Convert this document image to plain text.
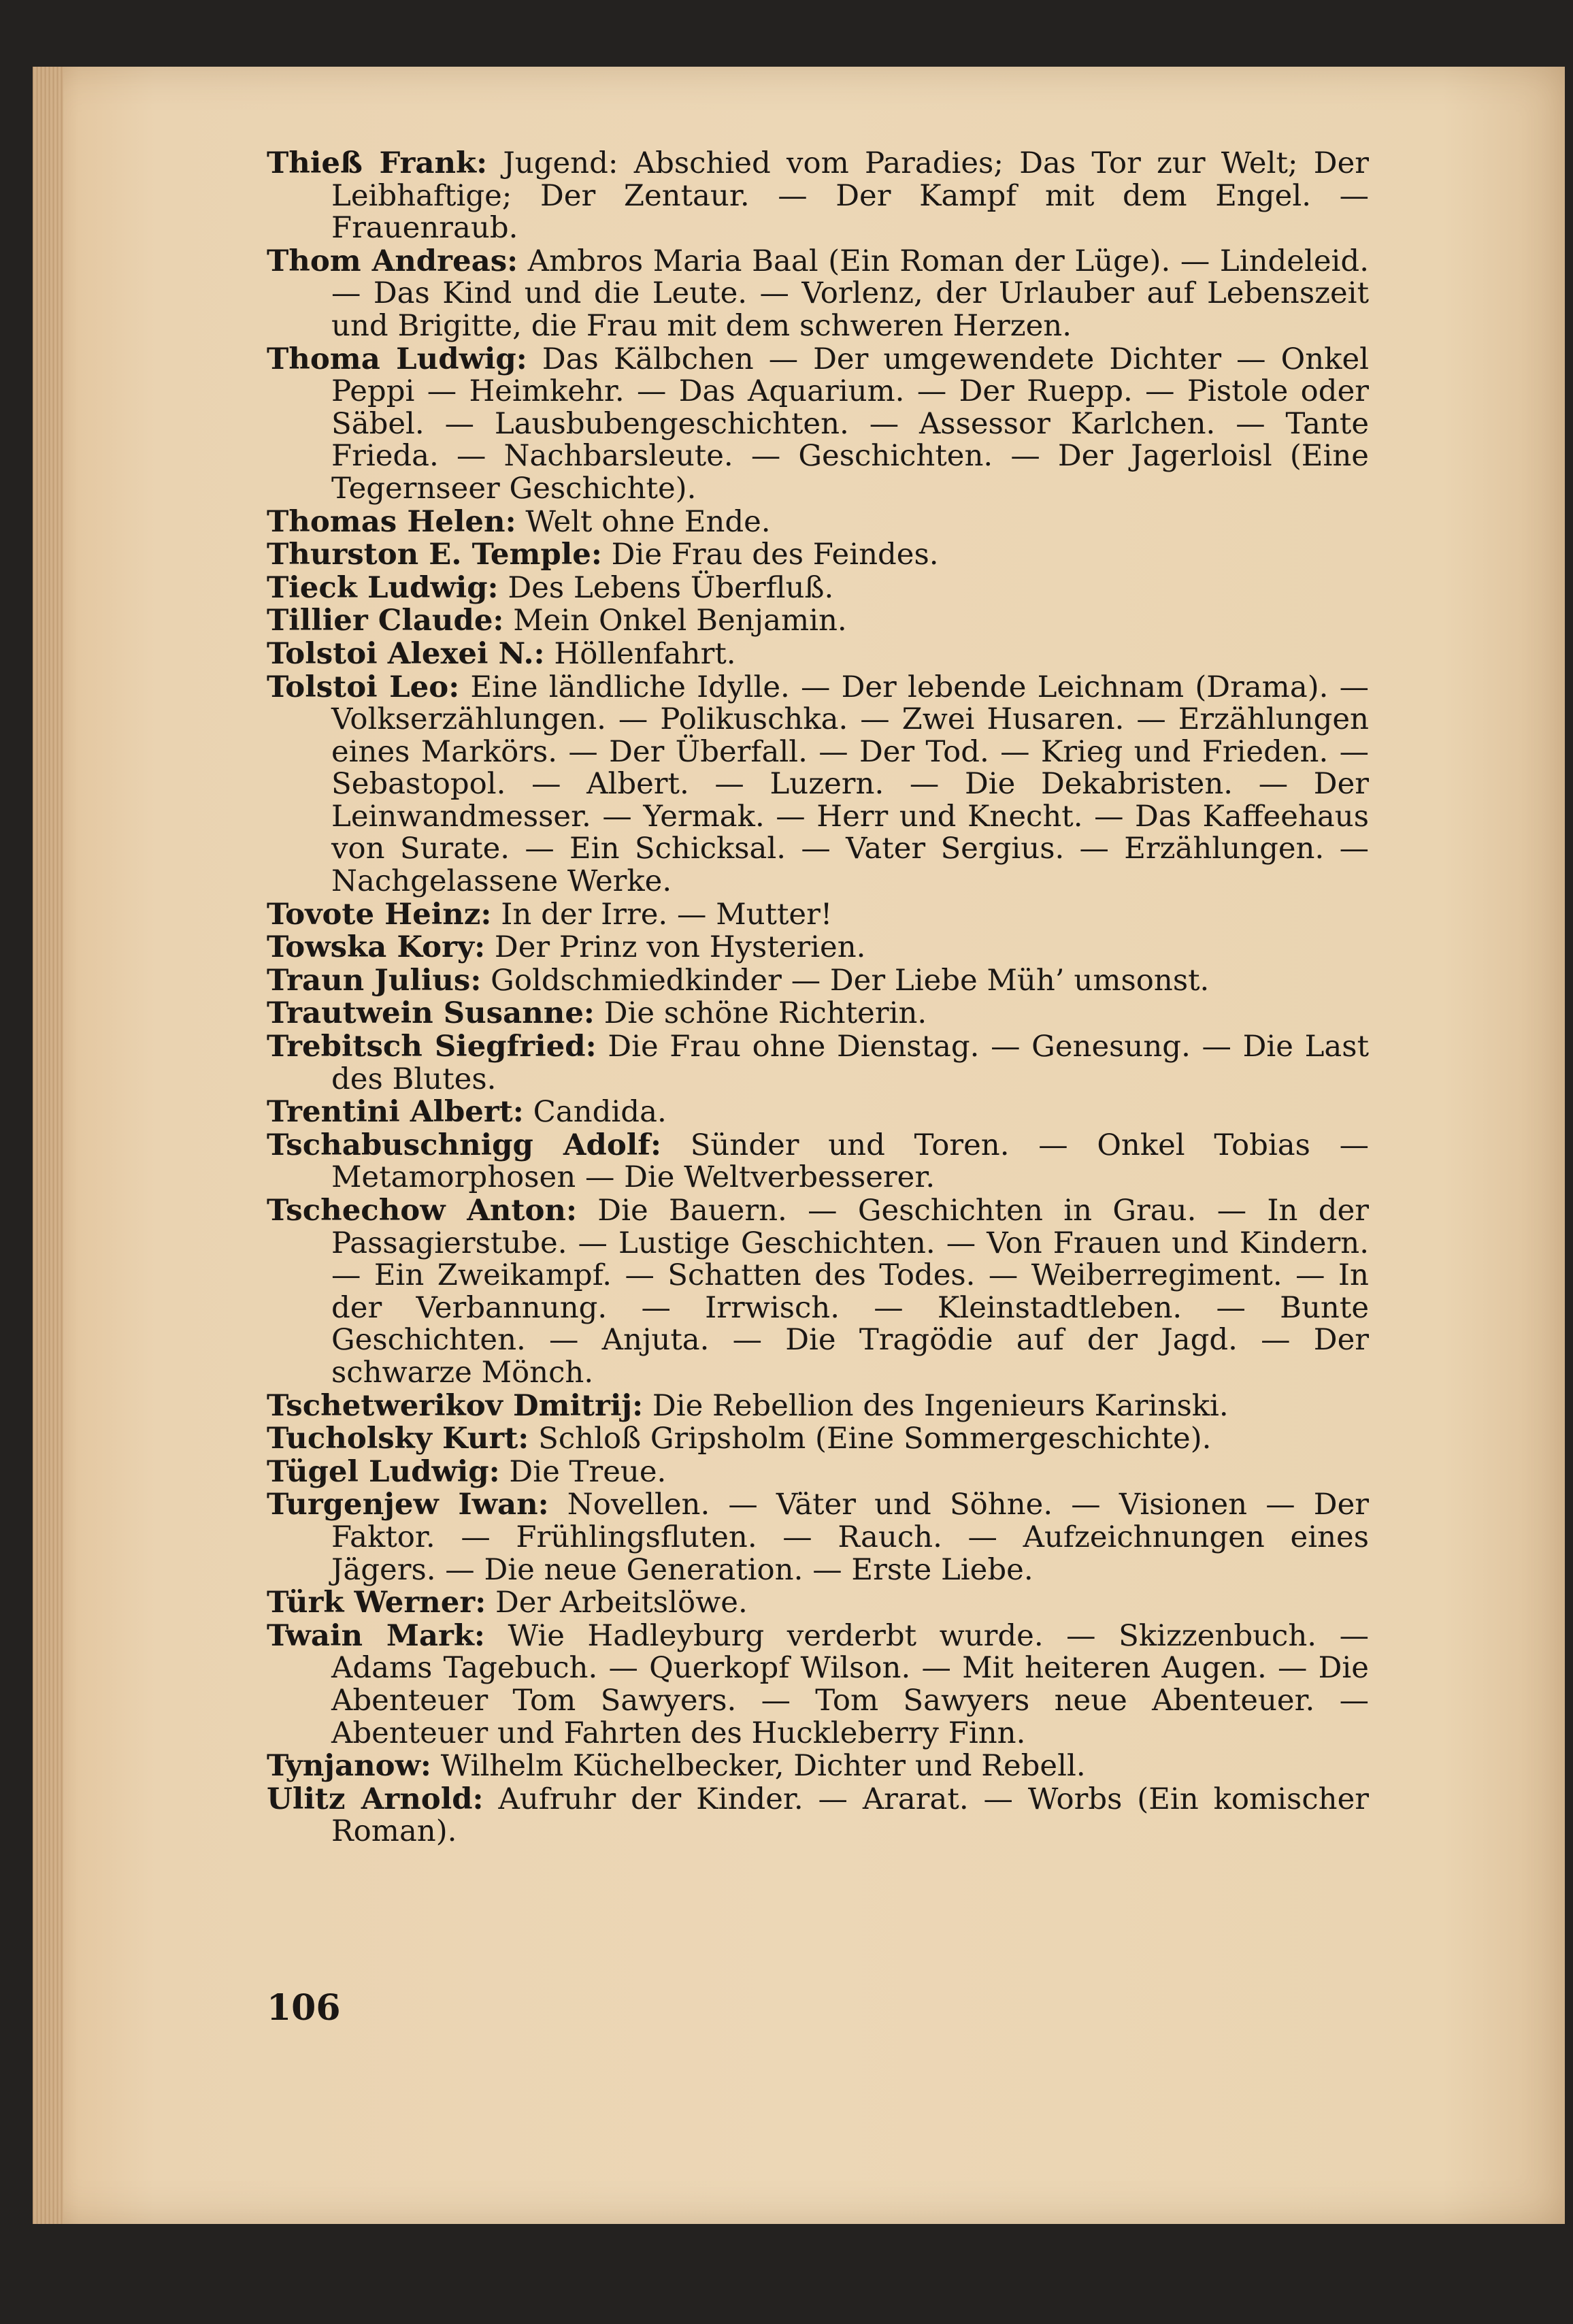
Thieß Frank: Jugend: Abschied vom Paradies; Das Tor zur Welt; Der Leibhaftige; Der Zentaur. — Der Kampf mit dem Engel. — Frauenraub.

Thom Andreas: Ambros Maria Baal (Ein Roman der Lüge). — Lindeleid. — Das Kind und die Leute. — Vorlenz, der Urlauber auf Lebenszeit und Brigitte, die Frau mit dem schweren Herzen.

Thoma Ludwig: Das Kälbchen — Der umgewendete Dichter — Onkel Peppi — Heimkehr. — Das Aquarium. — Der Ruepp. — Pistole oder Säbel. — Lausbubengeschichten. — Assessor Karlchen. — Tante Frieda. — Nachbarsleute. — Geschichten. — Der Jagerloisl (Eine Tegernseer Geschichte).

Thomas Helen: Welt ohne Ende.

Thurston E. Temple: Die Frau des Feindes.

Tieck Ludwig: Des Lebens Überfluß.

Tillier Claude: Mein Onkel Benjamin.

Tolstoi Alexei N.: Höllenfahrt.

Tolstoi Leo: Eine ländliche Idylle. — Der lebende Leichnam (Drama). — Volkserzählungen. — Polikuschka. — Zwei Husaren. — Erzählungen eines Markörs. — Der Überfall. — Der Tod. — Krieg und Frieden. — Sebastopol. — Albert. — Luzern. — Die Dekabristen. — Der Leinwandmesser. — Yermak. — Herr und Knecht. — Das Kaffeehaus von Surate. — Ein Schicksal. — Vater Sergius. — Erzählungen. — Nachgelassene Werke.

Tovote Heinz: In der Irre. — Mutter!

Towska Kory: Der Prinz von Hysterien.

Traun Julius: Goldschmiedkinder — Der Liebe Müh’ umsonst.

Trautwein Susanne: Die schöne Richterin.

Trebitsch Siegfried: Die Frau ohne Dienstag. — Genesung. — Die Last des Blutes.

Trentini Albert: Candida.

Tschabuschnigg Adolf: Sünder und Toren. — Onkel Tobias — Metamorphosen — Die Weltverbesserer.

Tschechow Anton: Die Bauern. — Geschichten in Grau. — In der Passagierstube. — Lustige Geschichten. — Von Frauen und Kindern. — Ein Zweikampf. — Schatten des Todes. — Weiberregiment. — In der Verbannung. — Irrwisch. — Kleinstadtleben. — Bunte Geschichten. — Anjuta. — Die Tragödie auf der Jagd. — Der schwarze Mönch.

Tschetwerikov Dmitrij: Die Rebellion des Ingenieurs Karinski.

Tucholsky Kurt: Schloß Gripsholm (Eine Sommergeschichte).

Tügel Ludwig: Die Treue.

Turgenjew Iwan: Novellen. — Väter und Söhne. — Visionen — Der Faktor. — Frühlingsfluten. — Rauch. — Aufzeichnungen eines Jägers. — Die neue Generation. — Erste Liebe.

Türk Werner: Der Arbeitslöwe.

Twain Mark: Wie Hadleyburg verderbt wurde. — Skizzenbuch. — Adams Tagebuch. — Querkopf Wilson. — Mit heiteren Augen. — Die Abenteuer Tom Sawyers. — Tom Sawyers neue Abenteuer. — Abenteuer und Fahrten des Huckleberry Finn.

Tynjanow: Wilhelm Küchelbecker, Dichter und Rebell.

Ulitz Arnold: Aufruhr der Kinder. — Ararat. — Worbs (Ein komischer Roman).

106
